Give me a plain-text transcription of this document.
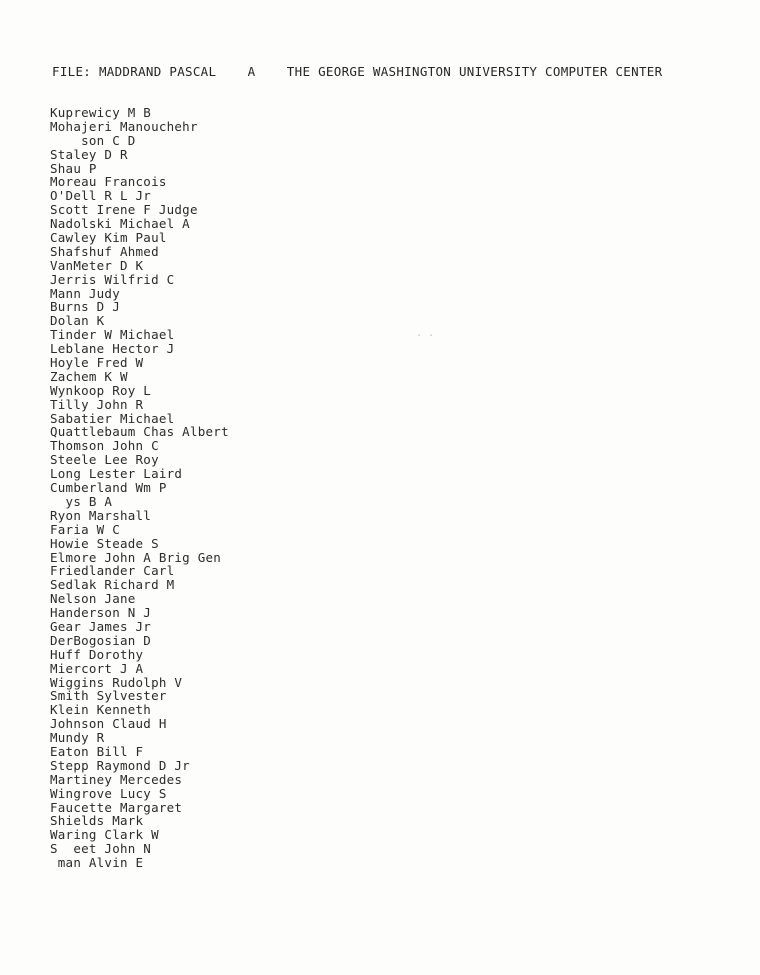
FILE: MADDRAND PASCAL	A	THE GEORGE WASHINGTON UNIVERSITY COMPUTER CENTER
Kuprewicy M B
Mohajeri Manouchehr
son C D
Staley D R
Shau P
Moreau Francois
O'Dell R L Jr
Scott Irene F Judge
Nadolski Michael A
Cawley Kim Paul
Shafshuf Ahmed
VanMeter D K
Jerris Wilfrid C
Mann Judy
Burns D J
Dolan K
Tinder W Michael
Leblane Hector J
Hoyle Fred W
Zachem K W
Wynkoop Roy L
Tilly John R
Sabatier Michael
Quattlebaum Chas Albert
Thomson John C
Steele Lee Roy
Long Lester Laird
Cumberland Wm P
ys B A
Ryon Marshall
Faria W C
Howie Steade S
Elmore John A Brig Gen
Friedlander Carl
Sedlak Richard M
Nelson Jane
Handerson N J
Gear James Jr
DerBogosian D
Huff Dorothy
Miercort J A
Wiggins Rudolph V
Smith Sylvester
Klein Kenneth
Johnson Claud H
Mundy R
Eaton Bill F
Stepp Raymond D Jr
Martiney Mercedes
Wingrove Lucy S
Faucette Margaret
Shields Mark
Waring Clark W
S  eet John N
man Alvin E
..
